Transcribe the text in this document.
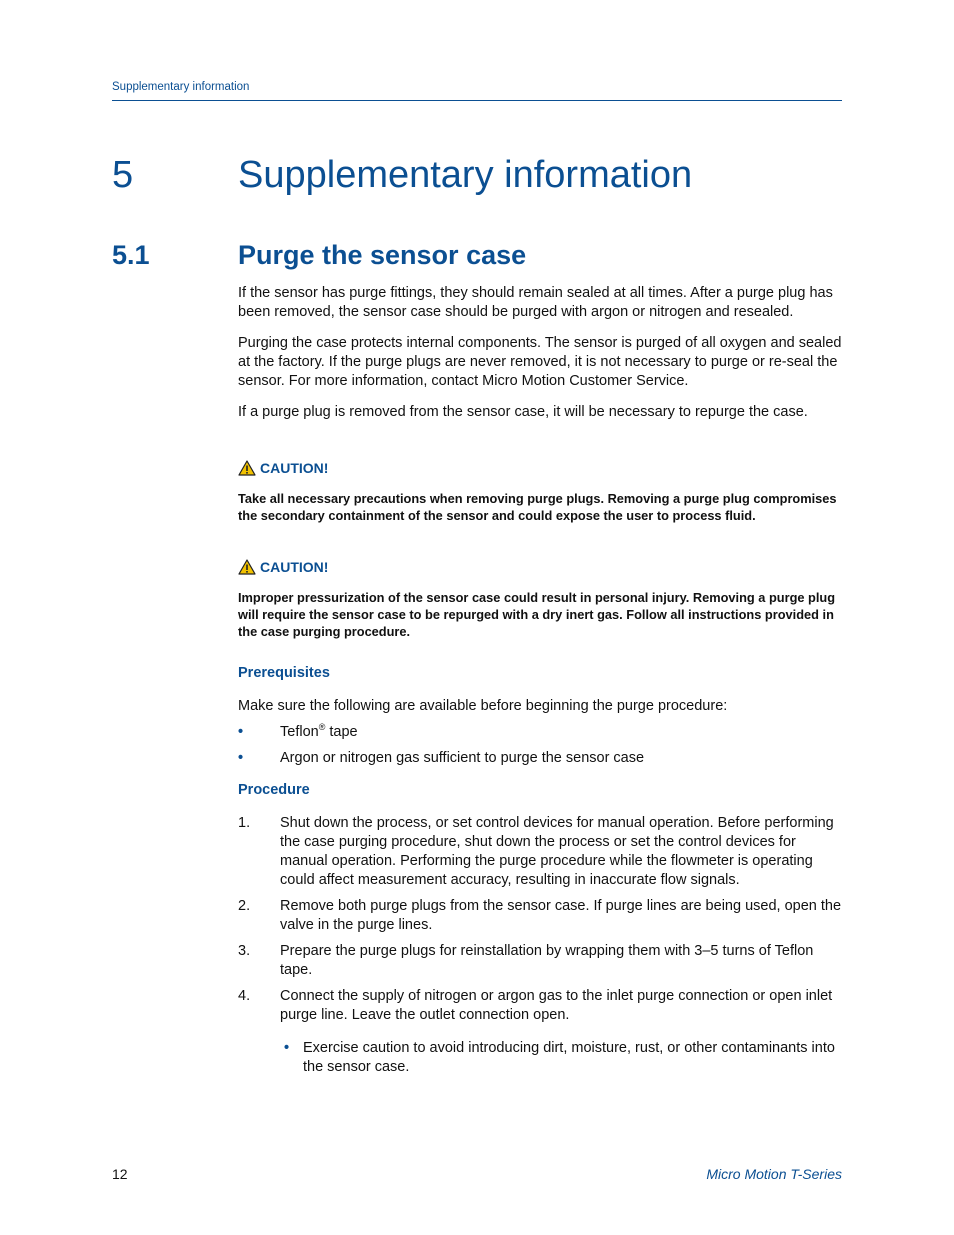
Supplementary information
5	Supplementary information
5.1	Purge the sensor case

If the sensor has purge fittings, they should remain sealed at all times. After a purge plug has been removed, the sensor case should be purged with argon or nitrogen and resealed.

Purging the case protects internal components. The sensor is purged of all oxygen and sealed at the factory. If the purge plugs are never removed, it is not necessary to purge or re-seal the sensor. For more information, contact Micro Motion Customer Service.

If a purge plug is removed from the sensor case, it will be necessary to repurge the case.

CAUTION!

Take all necessary precautions when removing purge plugs. Removing a purge plug compromises the secondary containment of the sensor and could expose the user to process fluid.

CAUTION!

Improper pressurization of the sensor case could result in personal injury. Removing a purge plug will require the sensor case to be repurged with a dry inert gas. Follow all instructions provided in the case purging procedure.

Prerequisites

Make sure the following are available before beginning the purge procedure:

•	Teflon® tape
•	Argon or nitrogen gas sufficient to purge the sensor case

Procedure

1. Shut down the process, or set control devices for manual operation. Before performing the case purging procedure, shut down the process or set the control devices for manual operation. Performing the purge procedure while the flowmeter is operating could affect measurement accuracy, resulting in inaccurate flow signals.
2. Remove both purge plugs from the sensor case. If purge lines are being used, open the valve in the purge lines.
3. Prepare the purge plugs for reinstallation by wrapping them with 3–5 turns of Teflon tape.
4. Connect the supply of nitrogen or argon gas to the inlet purge connection or open inlet purge line. Leave the outlet connection open.
• Exercise caution to avoid introducing dirt, moisture, rust, or other contaminants into the sensor case.
12	Micro Motion T-Series
